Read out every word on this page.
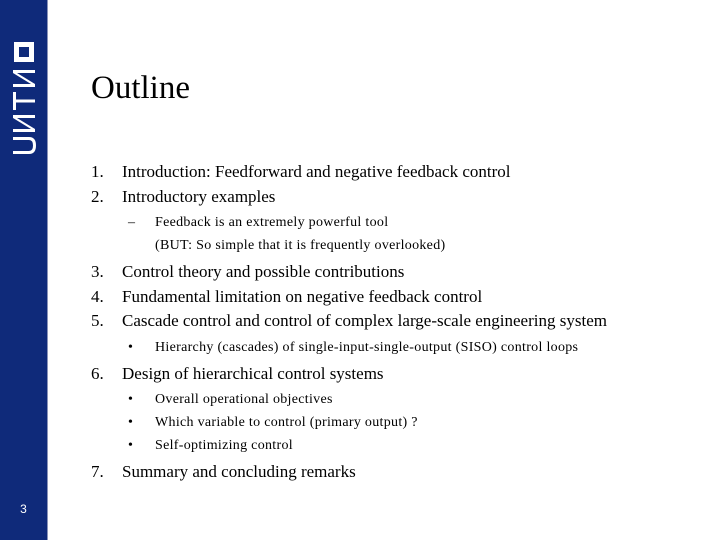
3
Outline
1. Introduction: Feedforward and negative feedback control
2. Introductory examples
– Feedback is an extremely powerful tool
(BUT: So simple that it is frequently overlooked)
3. Control theory and possible contributions
4. Fundamental limitation on negative feedback control
5. Cascade control and control of complex large-scale engineering system
• Hierarchy (cascades) of single-input-single-output (SISO) control loops
6. Design of hierarchical control systems
• Overall operational objectives
• Which variable to control (primary output) ?
• Self-optimizing control
7. Summary and concluding remarks
